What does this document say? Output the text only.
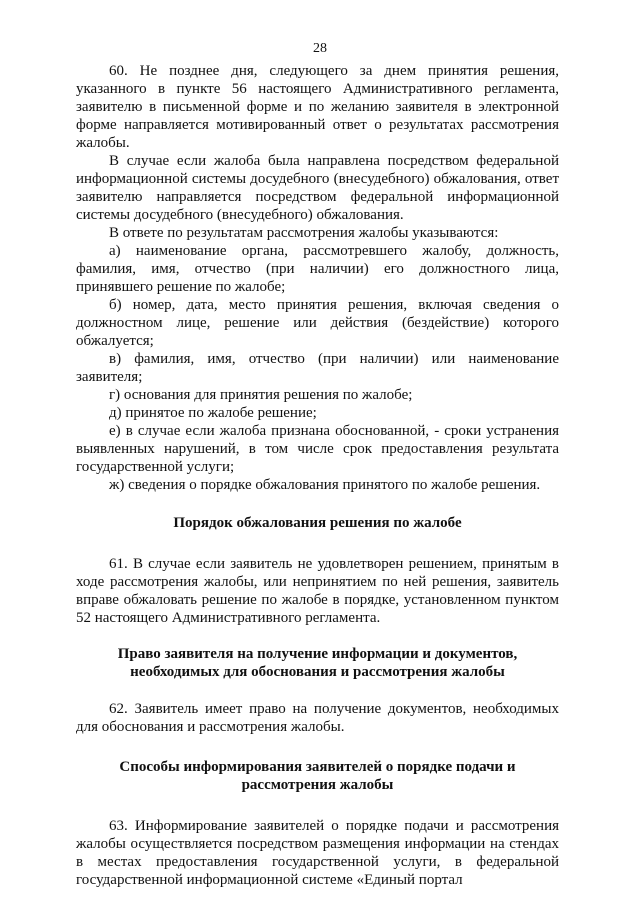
28

60. Не позднее дня, следующего за днем принятия решения, указанного в пункте 56 настоящего Административного регламента, заявителю в письменной форме и по желанию заявителя в электронной форме направляется мотивированный ответ о результатах рассмотрения жалобы.

В случае если жалоба была направлена посредством федеральной информационной системы досудебного (внесудебного) обжалования, ответ заявителю направляется посредством федеральной информационной системы досудебного (внесудебного) обжалования.

В ответе по результатам рассмотрения жалобы указываются:

а) наименование органа, рассмотревшего жалобу, должность, фамилия, имя, отчество (при наличии) его должностного лица, принявшего решение по жалобе;

б) номер, дата, место принятия решения, включая сведения о должностном лице, решение или действия (бездействие) которого обжалуется;

в) фамилия, имя, отчество (при наличии) или наименование заявителя;

г) основания для принятия решения по жалобе;

д) принятое по жалобе решение;

е) в случае если жалоба признана обоснованной, - сроки устранения выявленных нарушений, в том числе срок предоставления результата государственной услуги;

ж) сведения о порядке обжалования принятого по жалобе решения.

Порядок обжалования решения по жалобе

61. В случае если заявитель не удовлетворен решением, принятым в ходе рассмотрения жалобы, или непринятием по ней решения, заявитель вправе обжаловать решение по жалобе в порядке, установленном пунктом 52 настоящего Административного регламента.

Право заявителя на получение информации и документов,
необходимых для обоснования и рассмотрения жалобы

62. Заявитель имеет право на получение документов, необходимых для обоснования и рассмотрения жалобы.

Способы информирования заявителей о порядке подачи и
рассмотрения жалобы

63. Информирование заявителей о порядке подачи и рассмотрения жалобы осуществляется посредством размещения информации на стендах в местах предоставления государственной услуги, в федеральной государственной информационной системе «Единый портал
